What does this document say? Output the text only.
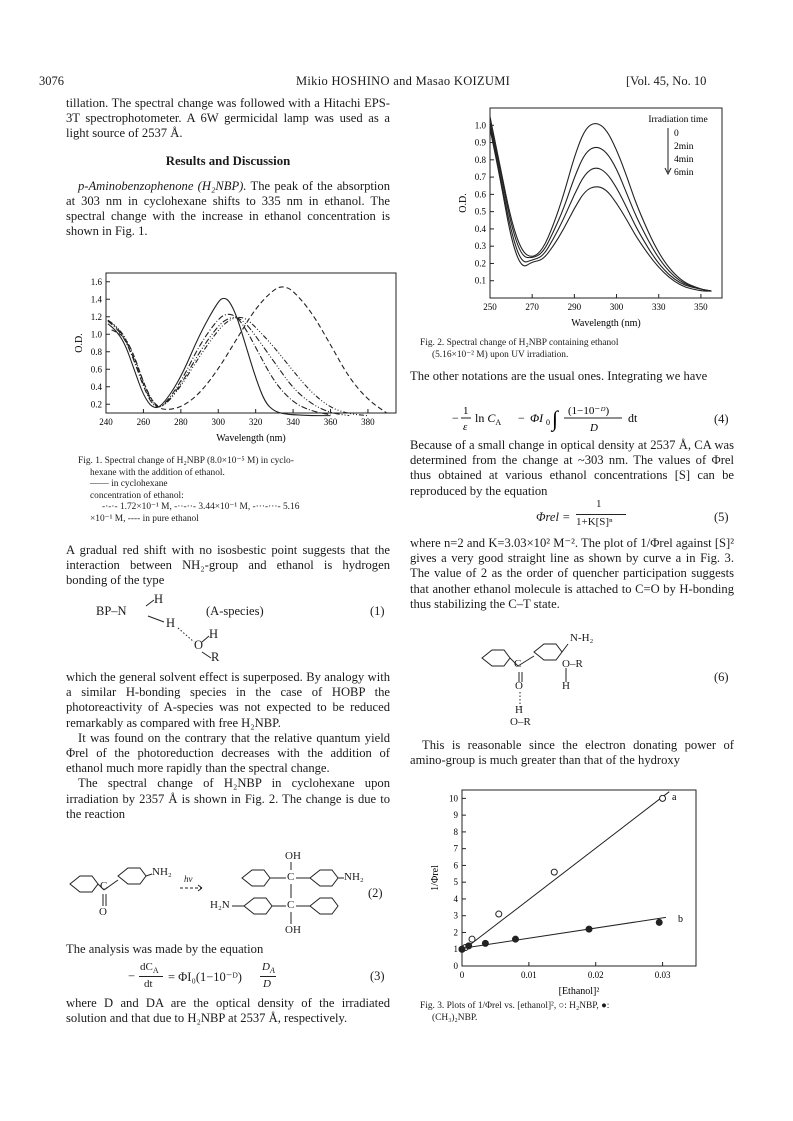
3076	Mikio HOSHINO and Masao KOIZUMI	[Vol. 45, No. 10

tillation. The spectral change was followed with a Hitachi EPS-3T spectrophotometer. A 6W germicidal lamp was used as a light source of 2537 Å.

Results and Discussion

p-Aminobenzophenone (H₂NBP). The peak of the absorption at 303 nm in cyclohexane shifts to 335 nm in ethanol. The spectral change with the increase in ethanol concentration is shown in Fig. 1.

240	260	280	300	320	340	360	380
1.6
1.4
1.2
1.0
0.8
0.6
0.4
0.2
Wavelength (nm)
O.D.
Fig. 1. Spectral change of H₂NBP (8.0×10⁻⁵ M) in cyclo-
hexane with the addition of ethanol.
—— in cyclohexane
concentration of ethanol:
-·-·- 1.72×10⁻¹ M, -··-··- 3.44×10⁻¹ M, -···-···- 5.16
×10⁻¹ M, ---- in pure ethanol

A gradual red shift with no isosbestic point suggests that the interaction between NH₂-group and ethanol is hydrogen bonding of the type

H
BP–N	(A-species)	(1)
H
H
O
R

which the general solvent effect is superposed. By analogy with a similar H-bonding species in the case of HOBP the photoreactivity of A-species was not expected to be reduced remarkably as compared with free H₂NBP.

It was found on the contrary that the relative quantum yield Φrel of the photoreduction decreases with the addition of ethanol much more rapidly than the spectral change.

The spectral change of H₂NBP in cyclohexane upon irradiation by 2357 Å is shown in Fig. 2. The change is due to the reaction

NH₂
C
O
hν
OH
C	NH₂
H₂N	C
OH
(2)

The analysis was made by the equation

−
$dC_A$
dt = ΦI₀(1−10⁻ᴰ)
$D_A$
D
(3)

where D and DA are the optical density of the irradiated solution and that due to H₂NBP at 2537 Å, respectively.

250	270	290	300	330	350
1.0
0.9
0.8
0.7
0.6
0.5
0.4
0.3
0.2
0.1
Wavelength (nm)
O.D.
Irradiation time
0
2min
4min
6min
Fig. 2. Spectral change of H₂NBP containing ethanol
(5.16×10⁻² M) upon UV irradiation.

The other notations are the usual ones. Integrating we have

− 1
ε
$\ln C_A - \Phi I$ 0 ∫ (1−10⁻ᴰ)
D
dt	(4)

Because of a small change in optical density at 2537 Å, CA was determined from the change at ~303 nm. The values of Φrel thus obtained at various ethanol concentrations [S] can be reproduced by the equation

Φrel =
1
1+K[S]ⁿ	(5)

where n=2 and K=3.03×10² M⁻². The plot of 1/Φrel against [S]² gives a very good straight line as shown by curve a in Fig. 3. The value of 2 as the order of quencher participation suggests that another ethanol molecule is attached to C=O by H-bonding thus stabilizing the C–T state.

N-H₂
C	O–R
O	H
H
O–R
(6)

This is reasonable since the electron donating power of amino-group is much greater than that of the hydroxy

0	0.01	0.02	0.03
10
9
8
7
6
5
4
3
2
1
0
[Ethanol]²
1/Φrel
a
b
Fig. 3. Plots of 1/Φrel vs. [ethanol]², ○: H₂NBP, ●:
(CH₃)₂NBP.
